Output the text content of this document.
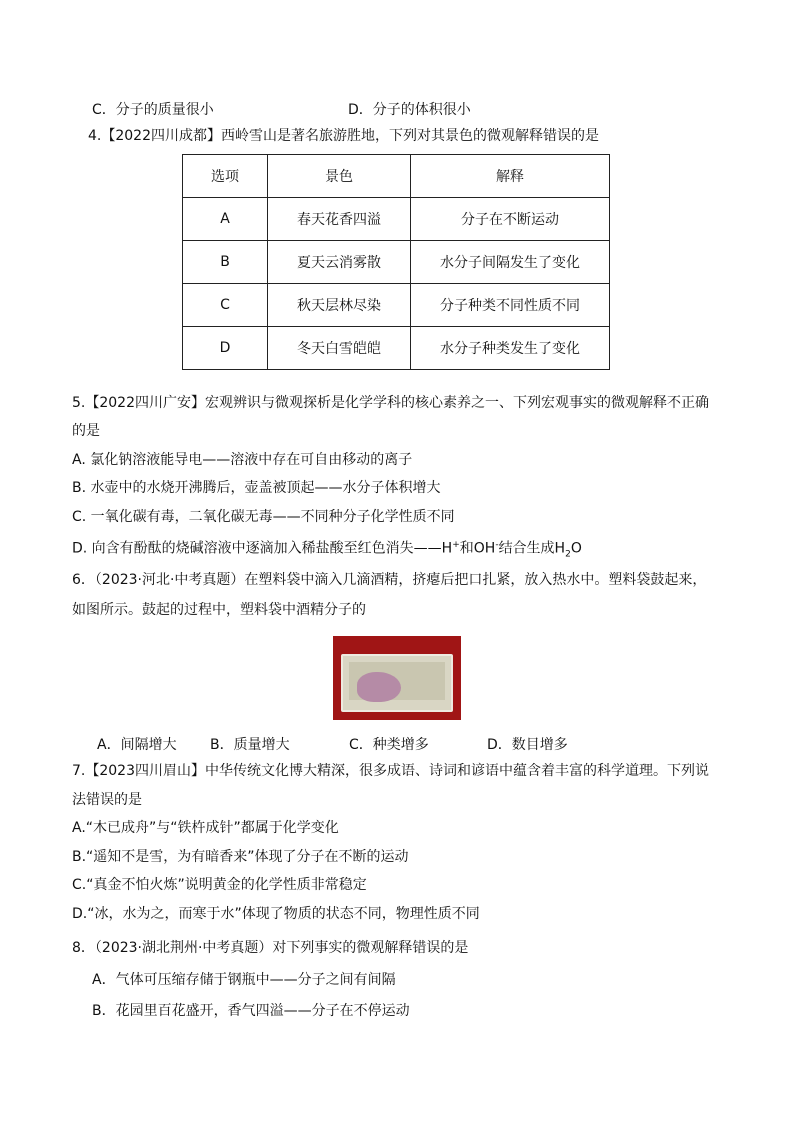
C．分子的质量很小	D．分子的体积很小
4.【2022四川成都】西岭雪山是著名旅游胜地，下列对其景色的微观解释错误的是
选项	景色	解释
A	春天花香四溢	分子在不断运动
B	夏天云消雾散	水分子间隔发生了变化
C	秋天层林尽染	分子种类不同性质不同
D	冬天白雪皑皑	水分子种类发生了变化
5.【2022四川广安】宏观辨识与微观探析是化学学科的核心素养之一、下列宏观事实的微观解释不正确
的是
A. 氯化钠溶液能导电——溶液中存在可自由移动的离子
B. 水壶中的水烧开沸腾后，壶盖被顶起——水分子体积增大
C. 一氧化碳有毒，二氧化碳无毒——不同种分子化学性质不同
D. 向含有酚酞的烧碱溶液中逐滴加入稀盐酸至红色消失——H+和OH-结合生成$H_2O$
6．（2023·河北·中考真题）在塑料袋中滴入几滴酒精，挤瘪后把口扎紧，放入热水中。塑料袋鼓起来，
如图所示。鼓起的过程中，塑料袋中酒精分子的
A．间隔增大 B．质量增大	C．种类增多	D．数目增多
7.【2023四川眉山】中华传统文化博大精深，很多成语、诗词和谚语中蕴含着丰富的科学道理。下列说
法错误的是
A.“木已成舟”与“铁杵成针”都属于化学变化
B.“遥知不是雪，为有暗香来”体现了分子在不断的运动
C.“真金不怕火炼”说明黄金的化学性质非常稳定
D.“冰，水为之，而寒于水”体现了物质的状态不同，物理性质不同
8．（2023·湖北荆州·中考真题）对下列事实的微观解释错误的是
A．气体可压缩存储于钢瓶中——分子之间有间隔
B．花园里百花盛开，香气四溢——分子在不停运动
